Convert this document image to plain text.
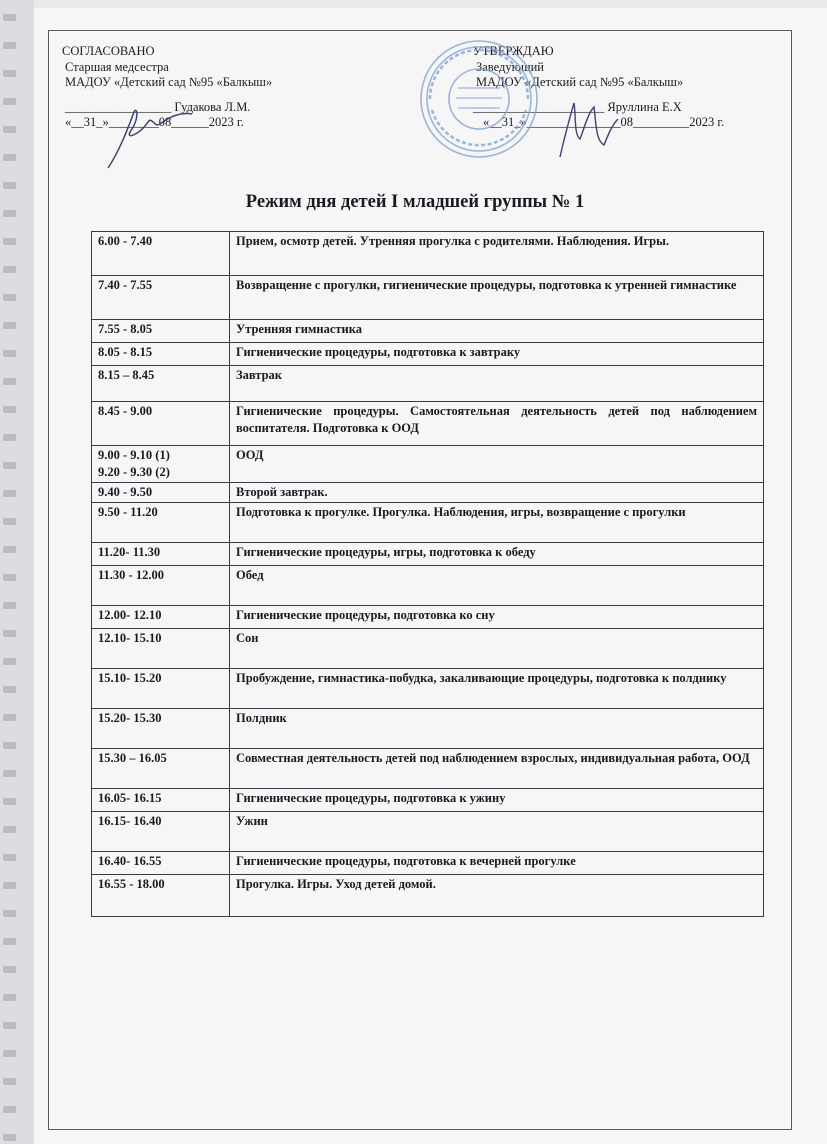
СОГЛАСОВАНО
Старшая медсестра
МАДОУ «Детский сад №95 «Балкыш»
_________________ Гудакова Л.М.
«__31_»________08______2023 г.
УТВЕРЖДАЮ
Заведующий
МАДОУ «Детский сад №95 «Балкыш»
_____________________ Яруллина Е.Х
«__31_»_______________08_________2023 г.
Режим дня детей I младшей группы № 1
6.00 - 7.40	Прием, осмотр детей. Утренняя прогулка с родителями. Наблюдения. Игры.
7.40 - 7.55	Возвращение с прогулки, гигиенические процедуры, подготовка к утренней гимнастике
7.55 - 8.05	Утренняя гимнастика
8.05 - 8.15	Гигиенические процедуры, подготовка к завтраку
8.15 – 8.45	Завтрак
8.45 - 9.00	Гигиенические процедуры. Самостоятельная деятельность детей под наблюдением воспитателя. Подготовка к ООД
9.00 - 9.10 (1)
9.20 - 9.30 (2)	ООД
9.40 - 9.50	Второй завтрак.
9.50 - 11.20	Подготовка к прогулке. Прогулка. Наблюдения, игры, возвращение с прогулки
11.20- 11.30	Гигиенические процедуры, игры, подготовка к обеду
11.30 - 12.00	Обед
12.00- 12.10	Гигиенические процедуры, подготовка ко сну
12.10- 15.10	Сон
15.10- 15.20	Пробуждение, гимнастика-побудка, закаливающие процедуры, подготовка к полднику
15.20- 15.30	Полдник
15.30 – 16.05	Совместная деятельность детей под наблюдением взрослых, индивидуальная работа, ООД
16.05- 16.15	Гигиенические процедуры, подготовка к ужину
16.15- 16.40	Ужин
16.40- 16.55	Гигиенические процедуры, подготовка к вечерней прогулке
16.55 - 18.00	Прогулка. Игры. Уход детей домой.
